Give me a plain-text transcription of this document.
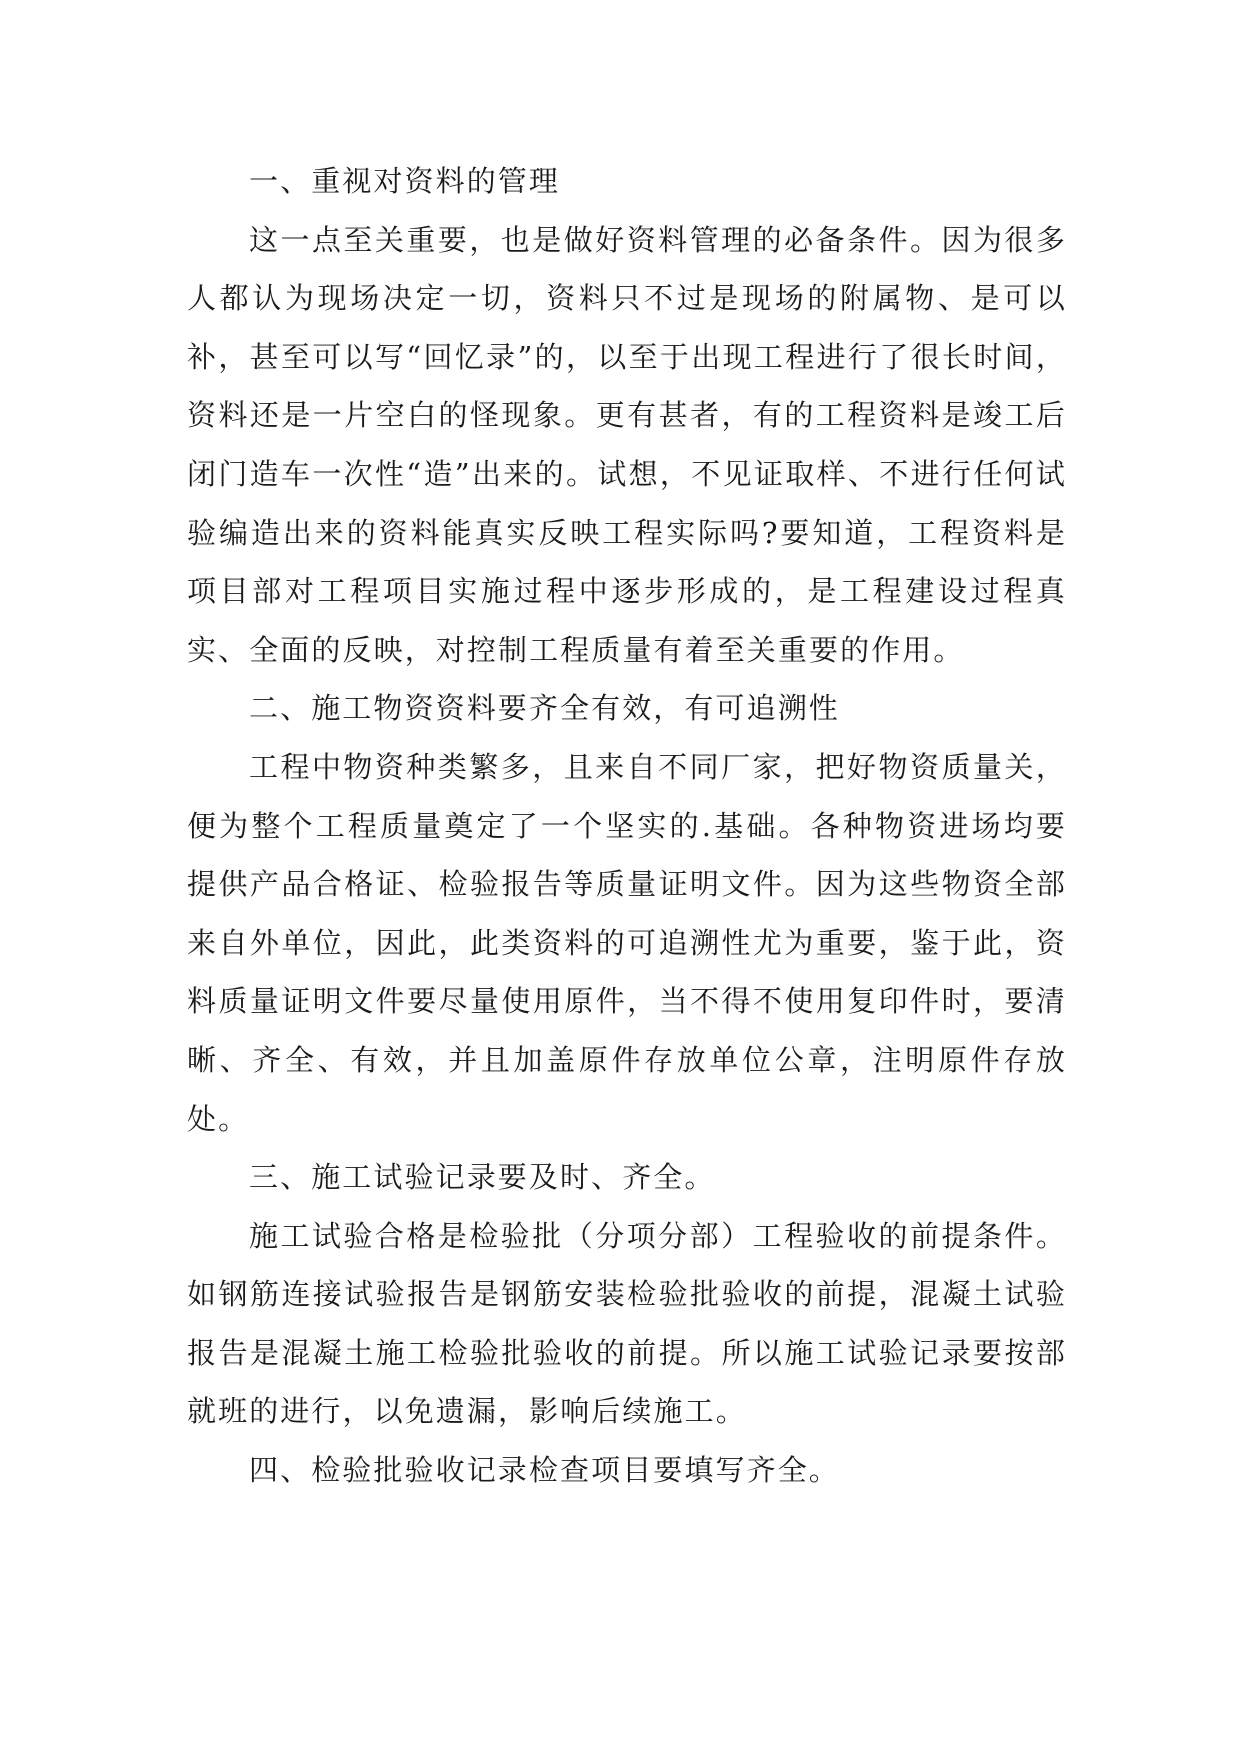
一、重视对资料的管理

这一点至关重要，也是做好资料管理的必备条件。因为很多人都认为现场决定一切，资料只不过是现场的附属物、是可以补，甚至可以写“回忆录”的，以至于出现工程进行了很长时间，资料还是一片空白的怪现象。更有甚者，有的工程资料是竣工后闭门造车一次性“造”出来的。试想，不见证取样、不进行任何试验编造出来的资料能真实反映工程实际吗?要知道，工程资料是项目部对工程项目实施过程中逐步形成的，是工程建设过程真实、全面的反映，对控制工程质量有着至关重要的作用。

二、施工物资资料要齐全有效，有可追溯性

工程中物资种类繁多，且来自不同厂家，把好物资质量关，便为整个工程质量奠定了一个坚实的.基础。各种物资进场均要提供产品合格证、检验报告等质量证明文件。因为这些物资全部来自外单位，因此，此类资料的可追溯性尤为重要，鉴于此，资料质量证明文件要尽量使用原件，当不得不使用复印件时，要清晰、齐全、有效，并且加盖原件存放单位公章，注明原件存放处。

三、施工试验记录要及时、齐全。

施工试验合格是检验批（分项分部）工程验收的前提条件。如钢筋连接试验报告是钢筋安装检验批验收的前提，混凝土试验报告是混凝土施工检验批验收的前提。所以施工试验记录要按部就班的进行，以免遗漏，影响后续施工。

四、检验批验收记录检查项目要填写齐全。
